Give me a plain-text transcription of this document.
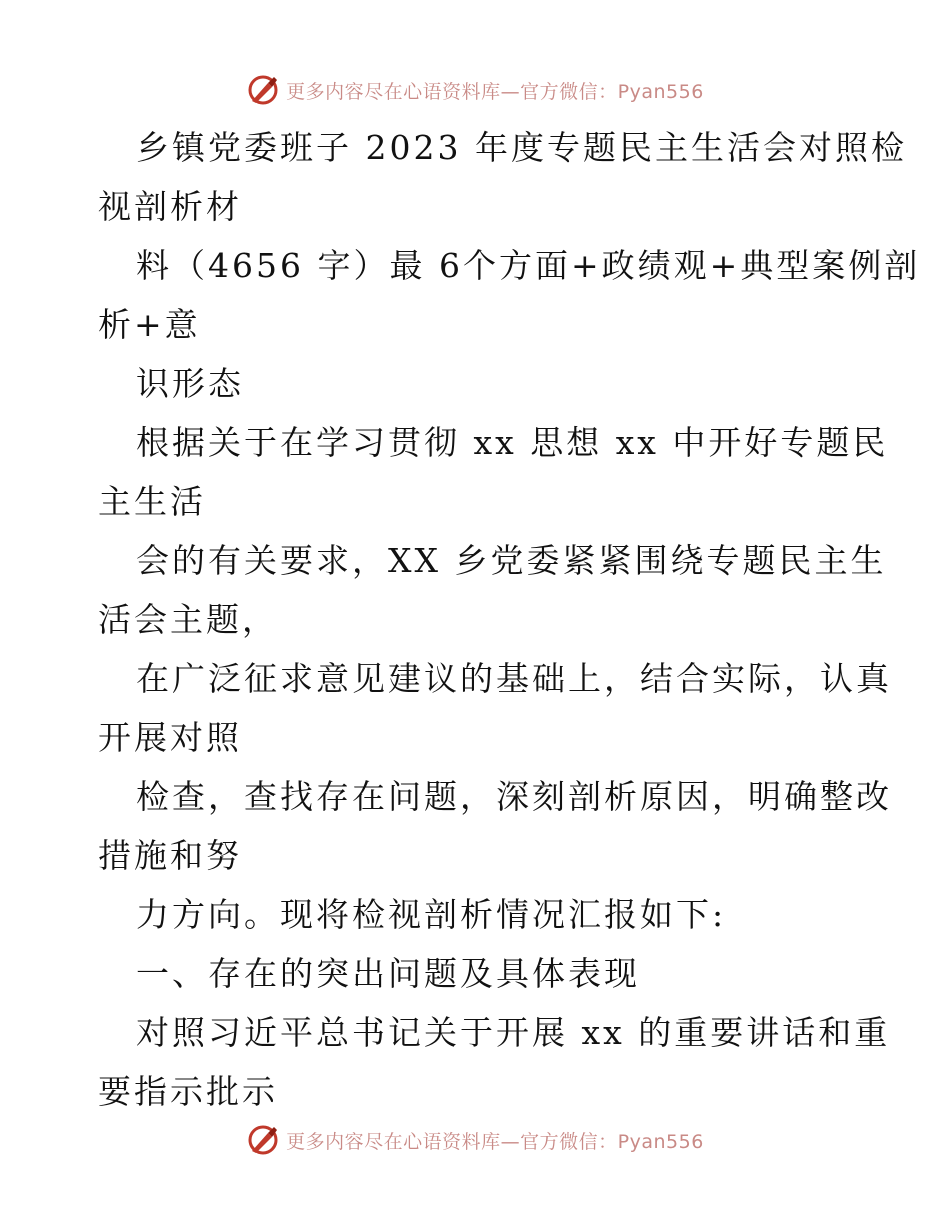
更多内容尽在心语资料库—官方微信：Pyan556
乡镇党委班子 2023 年度专题民主生活会对照检
视剖析材
料（4656 字）最 6个方面+政绩观+典型案例剖
析+意
识形态
根据关于在学习贯彻 xx 思想 xx 中开好专题民
主生活
会的有关要求，XX 乡党委紧紧围绕专题民主生
活会主题，
在广泛征求意见建议的基础上，结合实际，认真
开展对照
检查，查找存在问题，深刻剖析原因，明确整改
措施和努
力方向。现将检视剖析情况汇报如下:
一、存在的突出问题及具体表现
对照习近平总书记关于开展 xx 的重要讲话和重
要指示批示
更多内容尽在心语资料库—官方微信：Pyan556
